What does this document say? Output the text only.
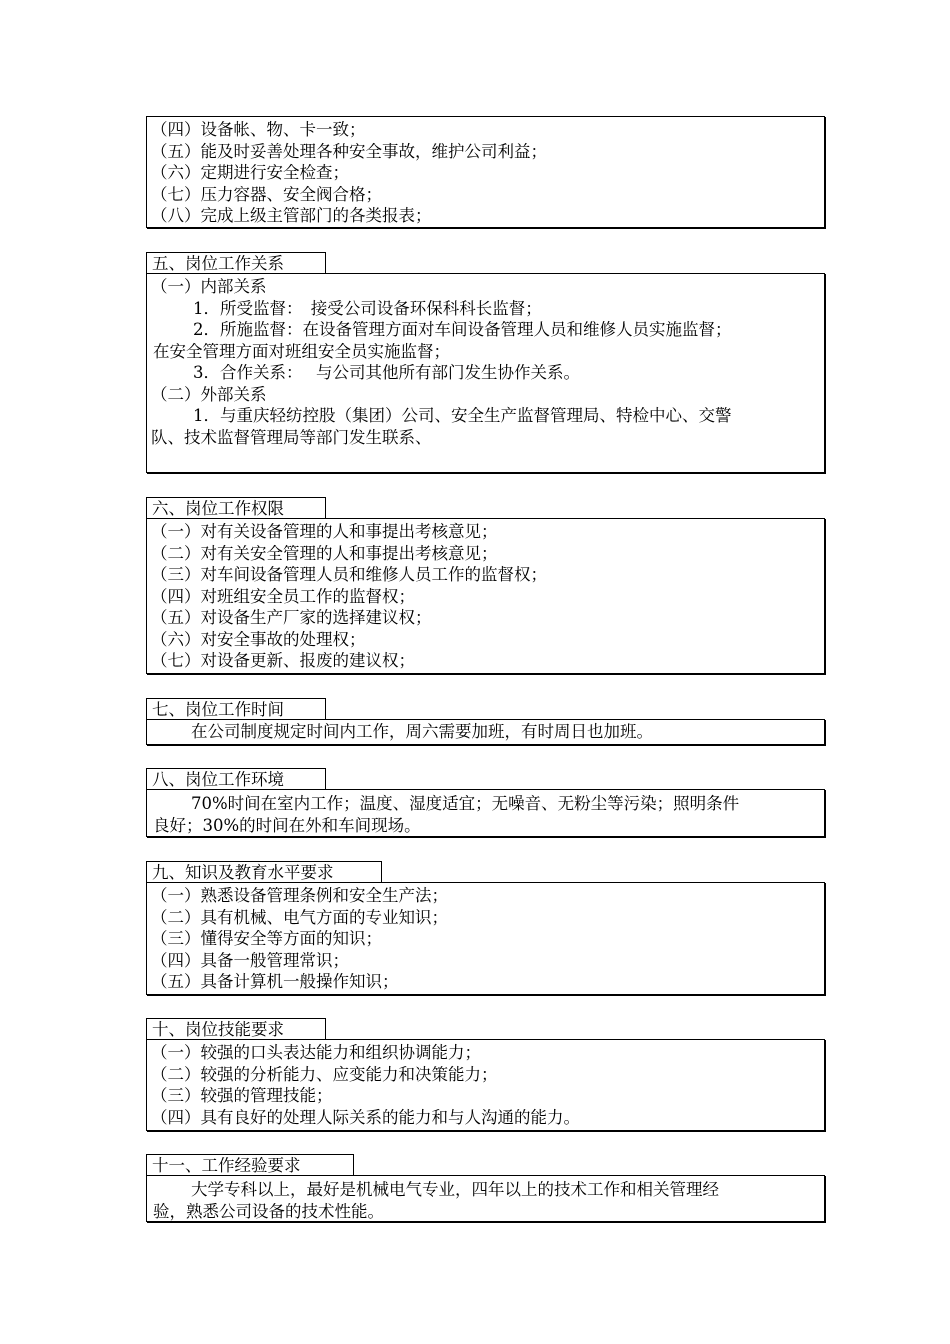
（四）设备帐、物、卡一致；
（五）能及时妥善处理各种安全事故，维护公司利益；
（六）定期进行安全检查；
（七）压力容器、安全阀合格；
（八）完成上级主管部门的各类报表；
五、岗位工作关系
（一）内部关系
1．所受监督：　接受公司设备环保科科长监督；
2．所施监督：在设备管理方面对车间设备管理人员和维修人员实施监督；
在安全管理方面对班组安全员实施监督；
3．合作关系：　 与公司其他所有部门发生协作关系。
（二）外部关系
1．与重庆轻纺控股（集团）公司、安全生产监督管理局、特检中心、交警
队、技术监督管理局等部门发生联系、
六、岗位工作权限
（一）对有关设备管理的人和事提出考核意见；
（二）对有关安全管理的人和事提出考核意见；
（三）对车间设备管理人员和维修人员工作的监督权；
（四）对班组安全员工作的监督权；
（五）对设备生产厂家的选择建议权；
（六）对安全事故的处理权；
（七）对设备更新、报废的建议权；
七、岗位工作时间
在公司制度规定时间内工作，周六需要加班，有时周日也加班。
八、岗位工作环境
70%时间在室内工作；温度、湿度适宜；无噪音、无粉尘等污染；照明条件
良好；30%的时间在外和车间现场。
九、知识及教育水平要求
（一）熟悉设备管理条例和安全生产法；
（二）具有机械、电气方面的专业知识；
（三）懂得安全等方面的知识；
（四）具备一般管理常识；
（五）具备计算机一般操作知识；
十、岗位技能要求
（一）较强的口头表达能力和组织协调能力；
（二）较强的分析能力、应变能力和决策能力；
（三）较强的管理技能；
（四）具有良好的处理人际关系的能力和与人沟通的能力。
十一、工作经验要求
大学专科以上，最好是机械电气专业，四年以上的技术工作和相关管理经
验，熟悉公司设备的技术性能。
